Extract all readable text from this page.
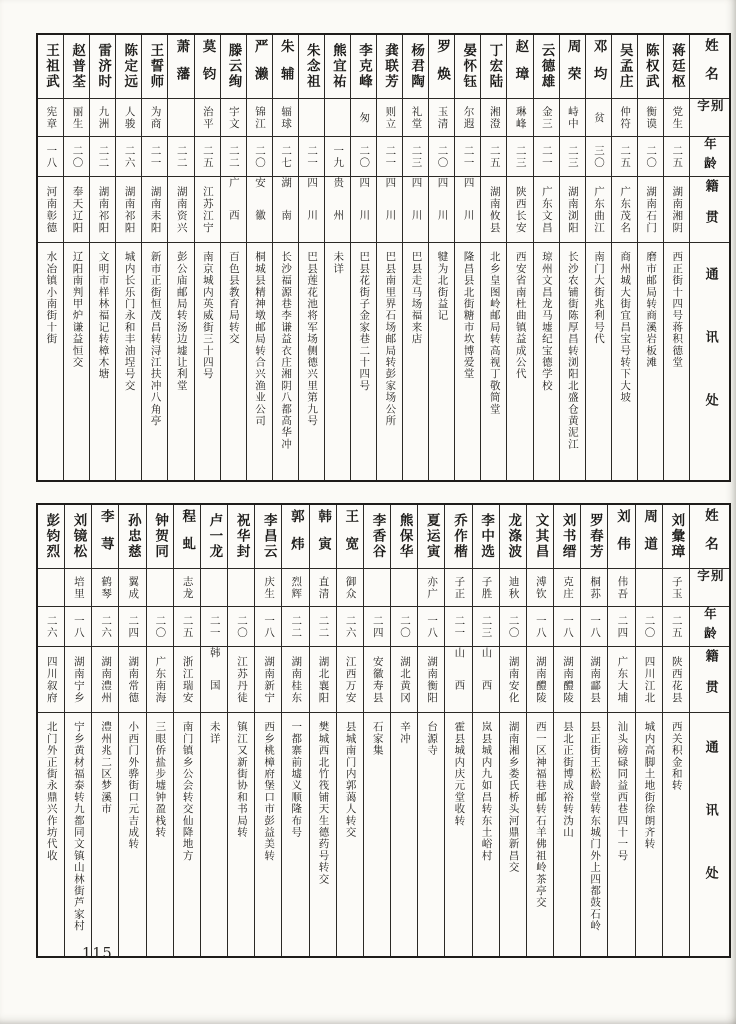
姓名
别字
年龄
籍贯
通讯处
蒋廷枢
党生
二五
湖南湘阴
西正街十四号蒋积德堂
陈权武
衡谟
二〇
湖南石门
磨市邮局转商溪岩板滩
吴孟庄
仲符
二五
广东茂名
商州城大街宜昌宝号转下大坡
邓均
贫
三〇
广东曲江
南门大街兆利号代
周荣
峙中
二三
湖南浏阳
长沙农铺街陈厚昌转浏阳北盛仓黄泥江
云德雄
金三
二一
广东文昌
琼州文昌龙马墟纪宝德学校
赵璋
琳峰
二三
陕西长安
西安省南杜曲镇益成公代
丁宏陆
湘澄
二五
湖南攸县
北乡皇图岭邮局转高视丁敬简堂
晏怀钰
尔遐
二一
四川
隆昌县北街糖市坎博爱堂
罗焕
玉清
二〇
四川
犍为北街益记
杨君陶
礼堂
二三
四川
巴县走马场福来店
龚联芳
则立
二一
四川
巴县南里界石场邮局转彭家场公所
李克峰
匆
二〇
四川
巴县花街子金家巷二十四号
熊宜祐
一九
贵州
未详
朱念祖
二一
四川
巴县莲花池将军场侧德兴里第九号
朱辅
辐球
二七
湖南
长沙福源巷李谦益衣庄湘阴八都高华冲
严濑
锦江
二〇
安徽
桐城县精神墩邮局转合兴渔业公司
滕云绚
宇文
二二
广西
百色县教育局转交
莫钧
治平
二五
江苏江宁
南京城内英威街三十四号
萧藩
二二
湖南资兴
彭公庙邮局转汤边墟让利堂
王誓师
为商
二一
湖南耒阳
新市正街恒茂昌转浔江扶冲八角亭
陈定远
人骏
二六
湖南祁阳
城内长乐门永和丰油埕号交
雷济时
九洲
二二
湖南祁阳
文明市样林福记转樟木塘
赵普荃
丽生
二〇
奉天辽阳
辽阳南判甲炉谦益恒交
王祖武
宪章
一八
河南彰德
水冶镇小南街十街
姓名
别字
年龄
籍贯
通讯处
刘彙璋
子玉
二五
陕西花县
西关积金和转
周道
二〇
四川江北
城内高脚土地街徐朗齐转
刘伟
伟吾
二四
广东大埔
汕头磅碌同益西巷四十一号
罗春芳
桐荪
一八
湖南酃县
县正街王松龄堂转东城门外上四都鼓石岭
刘书缙
克庄
一八
湖南醴陵
县北正街博成裕转沩山
文其昌
溥钦
一八
湖南醴陵
西一区神福巷邮转石羊佛祖岭茶亭交
龙涤波
迪秋
二〇
湖南安化
湖南湘乡娄氏桥头河鼎新昌交
李中选
子胜
二三
山西
岚县城内九如昌转东土峪村
乔作楷
子正
二一
山西
霍县城内庆元堂收转
夏运寅
亦广
一八
湖南衡阳
台源寺
熊保华
二〇
湖北黄冈
辛冲
李香谷
二四
安徽寿县
石家集
王宽
御众
二六
江西万安
县城南门内郭蔼人转交
韩寅
直清
二二
湖北襄阳
樊城西北竹筏铺天生德药号转交
郭炜
烈辉
二二
湖南桂东
一都寨前墟义顺隆布号
李昌云
庆生
一八
湖南新宁
西乡桃樟府堡口市彭益美转
祝华封
二〇
江苏丹徒
镇江又新街协和书局转
卢一龙
二一
韩国
未详
程虬
志龙
二五
浙江瑞安
南门镇乡公会转交仙降地方
钟贺同
二〇
广东南海
三眼侨盐步墟钟盈栈转
孙忠慈
翼成
二四
湖南常德
小西门外骅街口元吉成转
李荨
鹤琴
二六
湖南澧州
澧州兆二区梦溪市
刘镜松
培里
一八
湖南宁乡
宁乡黄材福泰转九都同文镇山林街芦家村
彭钧烈
二六
四川叙府
北门外正街永鼎兴作坊代收
115
